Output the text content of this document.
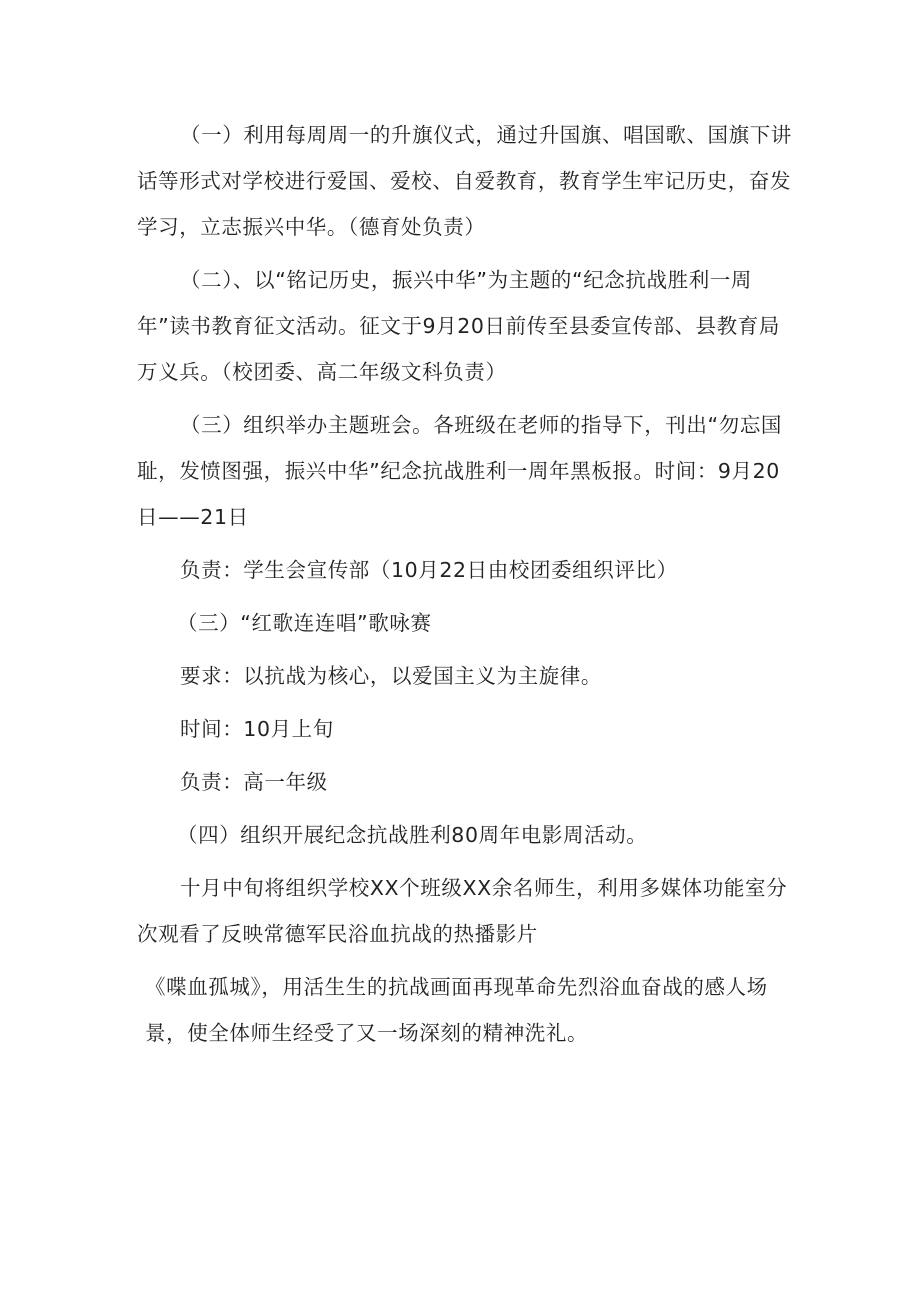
（一）利用每周周一的升旗仪式，通过升国旗、唱国歌、国旗下讲话等形式对学校进行爱国、爱校、自爱教育，教育学生牢记历史，奋发学习，立志振兴中华。（德育处负责）

（二）、以“铭记历史，振兴中华”为主题的“纪念抗战胜利一周年”读书教育征文活动。征文于9月20日前传至县委宣传部、县教育局万义兵。（校团委、高二年级文科负责）

（三）组织举办主题班会。各班级在老师的指导下，刊出“勿忘国耻，发愤图强，振兴中华”纪念抗战胜利一周年黑板报。时间：9月20日——21日

负责：学生会宣传部（10月22日由校团委组织评比）

（三）“红歌连连唱”歌咏赛

要求：以抗战为核心，以爱国主义为主旋律。

时间：10月上旬

负责：高一年级

（四）组织开展纪念抗战胜利80周年电影周活动。

十月中旬将组织学校XX个班级XX余名师生，利用多媒体功能室分次观看了反映常德军民浴血抗战的热播影片

《喋血孤城》，用活生生的抗战画面再现革命先烈浴血奋战的感人场景，使全体师生经受了又一场深刻的精神洗礼。
